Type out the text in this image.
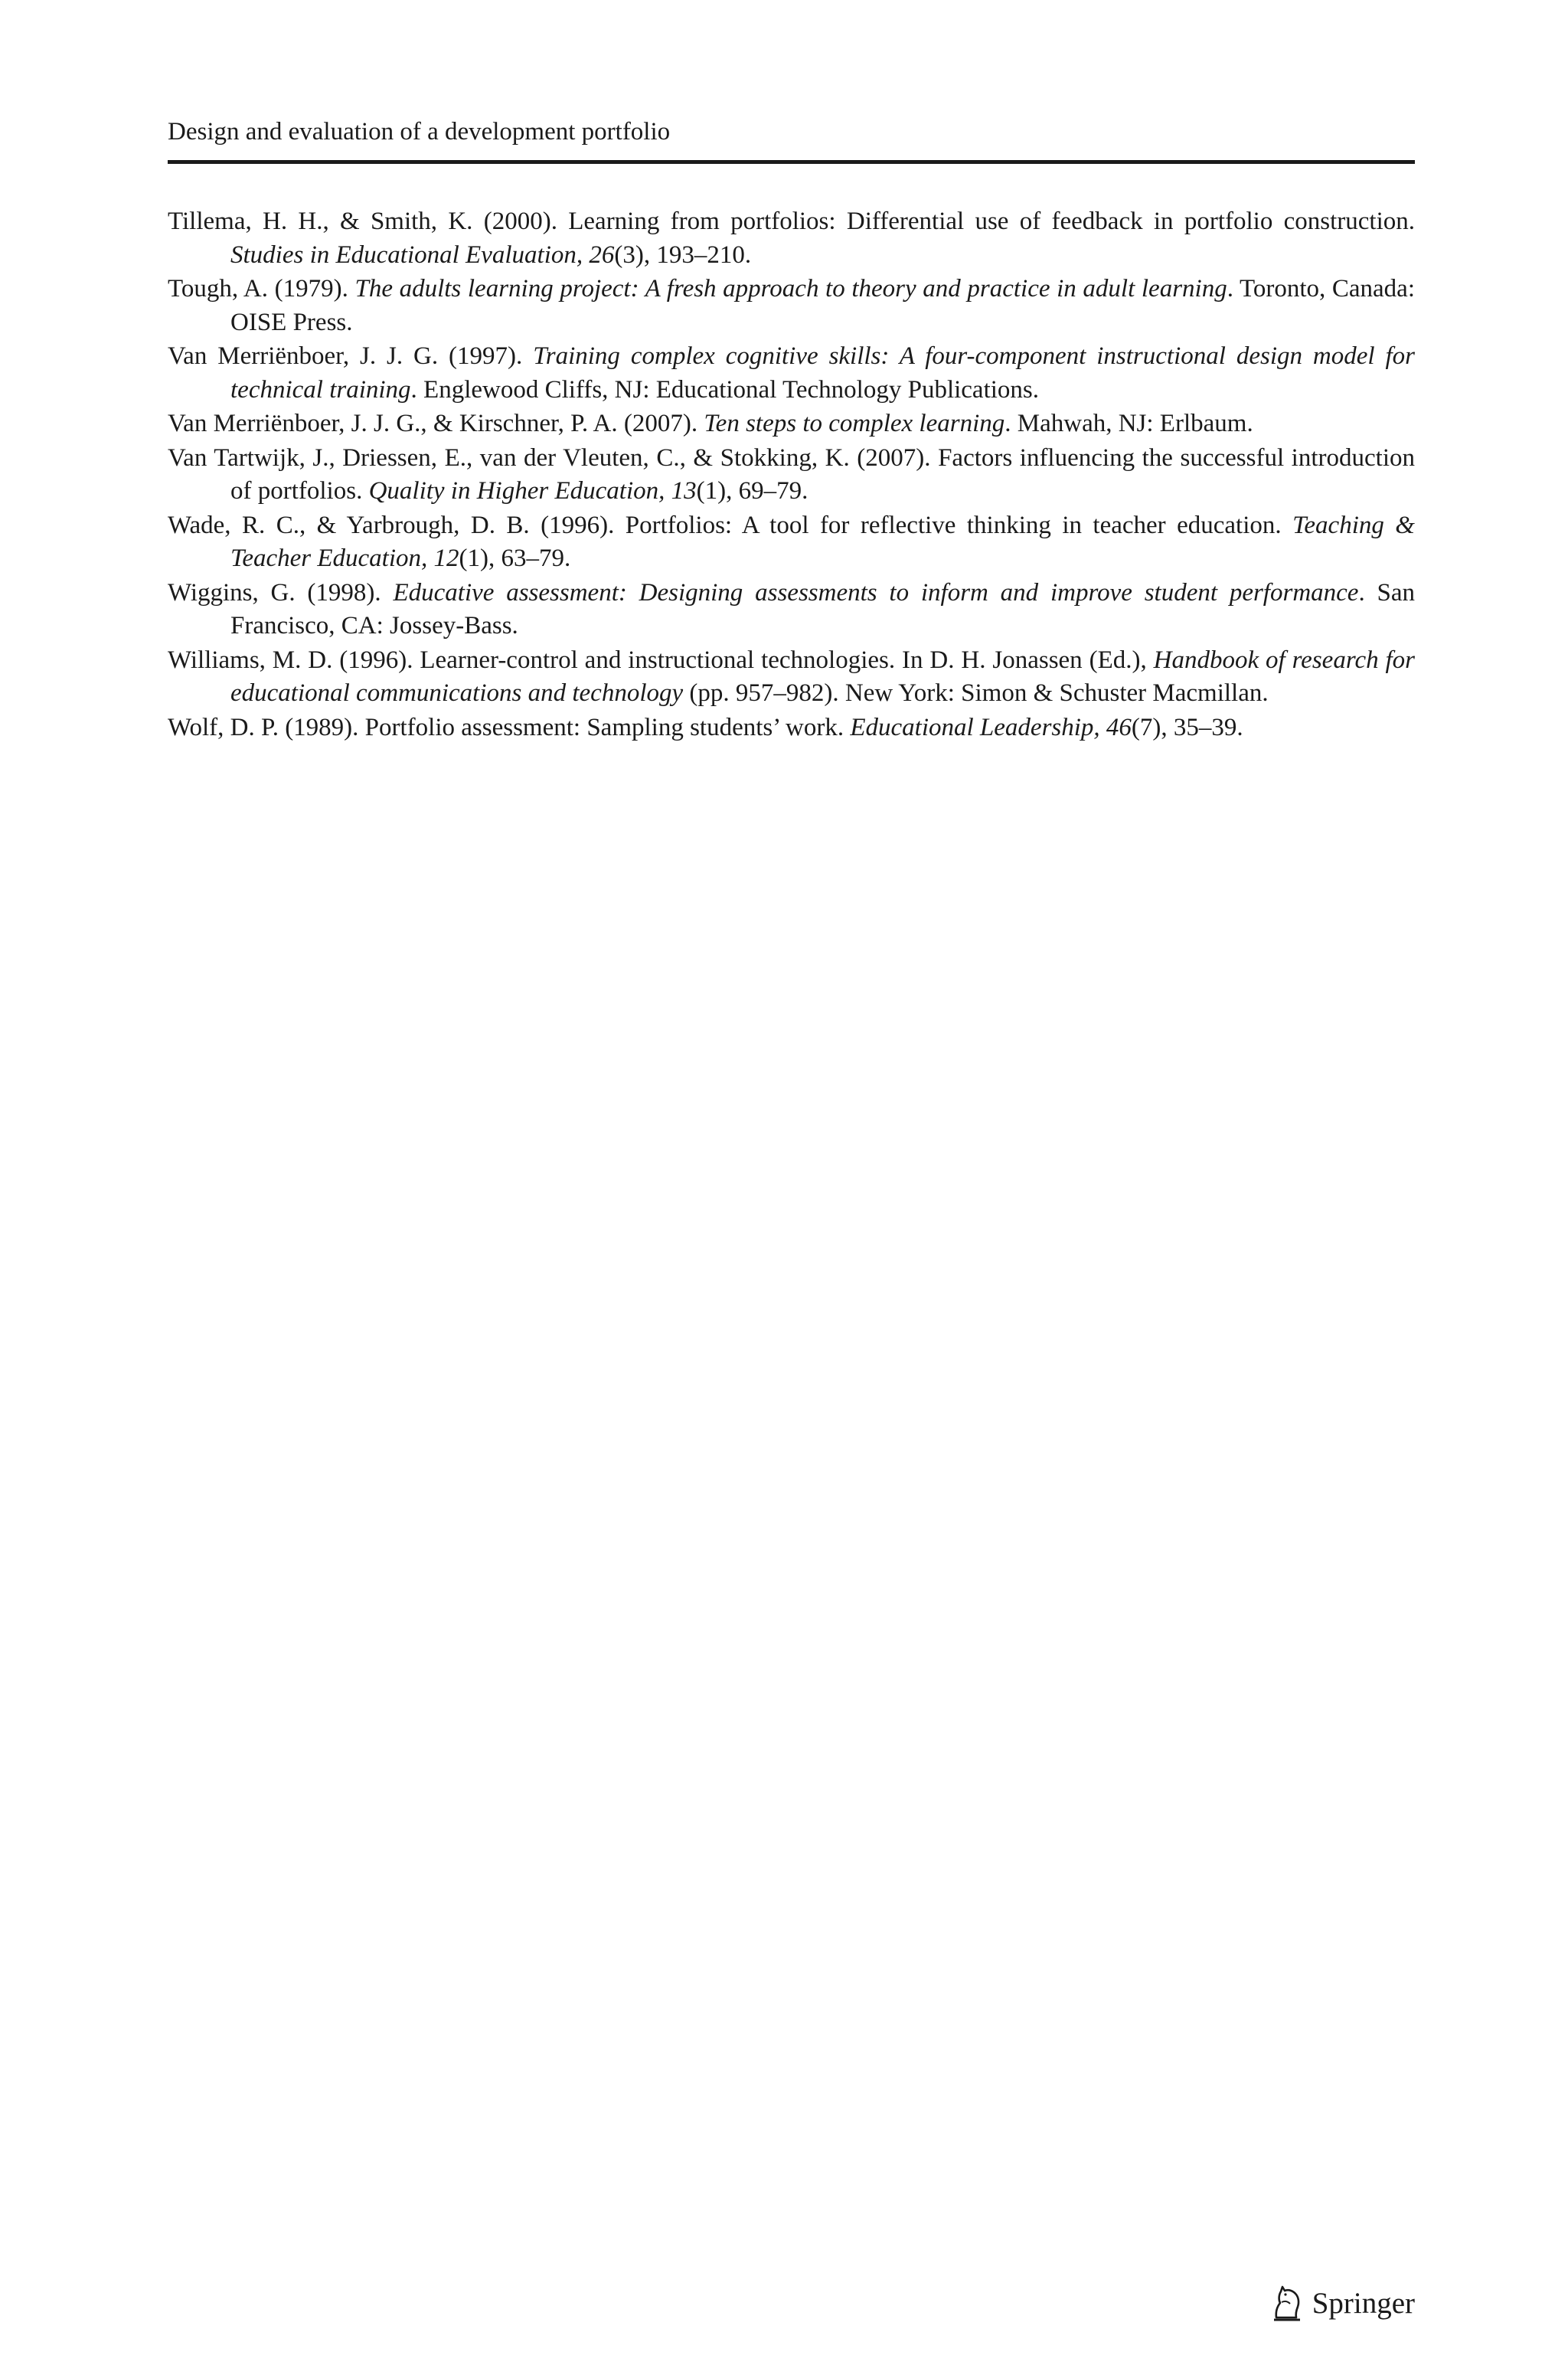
Design and evaluation of a development portfolio
Tillema, H. H., & Smith, K. (2000). Learning from portfolios: Differential use of feedback in portfolio construction. Studies in Educational Evaluation, 26(3), 193–210.
Tough, A. (1979). The adults learning project: A fresh approach to theory and practice in adult learning. Toronto, Canada: OISE Press.
Van Merriënboer, J. J. G. (1997). Training complex cognitive skills: A four-component instructional design model for technical training. Englewood Cliffs, NJ: Educational Technology Publications.
Van Merriënboer, J. J. G., & Kirschner, P. A. (2007). Ten steps to complex learning. Mahwah, NJ: Erlbaum.
Van Tartwijk, J., Driessen, E., van der Vleuten, C., & Stokking, K. (2007). Factors influencing the successful introduction of portfolios. Quality in Higher Education, 13(1), 69–79.
Wade, R. C., & Yarbrough, D. B. (1996). Portfolios: A tool for reflective thinking in teacher education. Teaching & Teacher Education, 12(1), 63–79.
Wiggins, G. (1998). Educative assessment: Designing assessments to inform and improve student performance. San Francisco, CA: Jossey-Bass.
Williams, M. D. (1996). Learner-control and instructional technologies. In D. H. Jonassen (Ed.), Handbook of research for educational communications and technology (pp. 957–982). New York: Simon & Schuster Macmillan.
Wolf, D. P. (1989). Portfolio assessment: Sampling students’ work. Educational Leadership, 46(7), 35–39.
Springer
